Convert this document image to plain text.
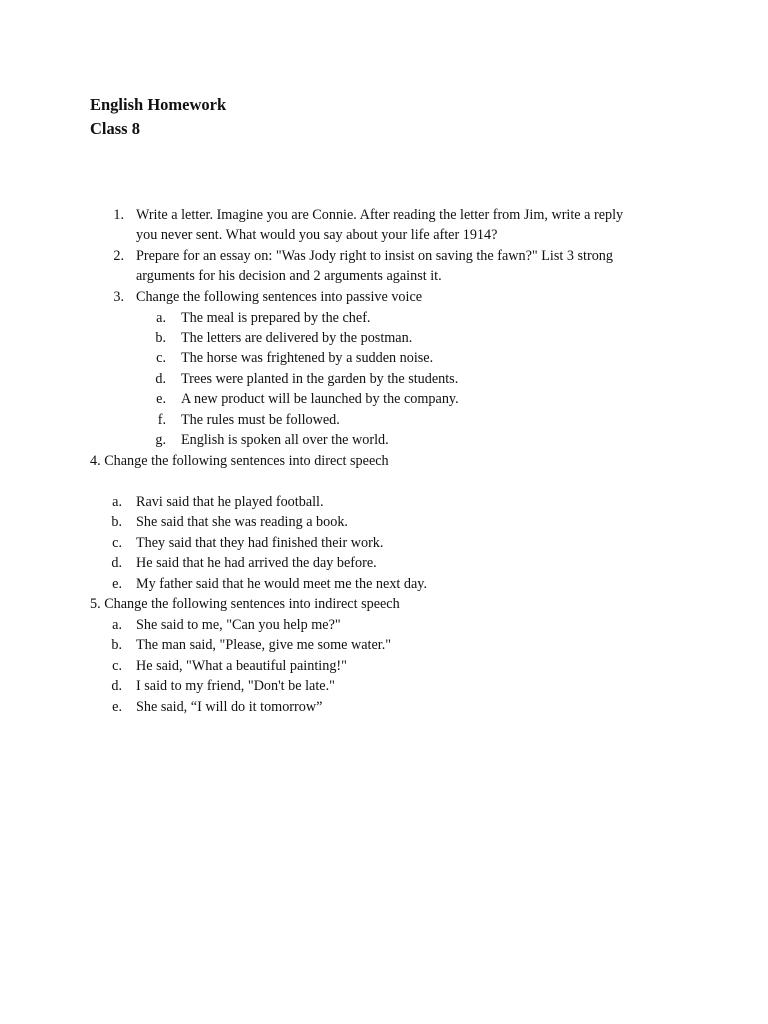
English Homework
Class 8
1. Write a letter. Imagine you are Connie. After reading the letter from Jim, write a reply
you never sent. What would you say about your life after 1914?
2. Prepare for an essay on: "Was Jody right to insist on saving the fawn?" List 3 strong
arguments for his decision and 2 arguments against it.
3. Change the following sentences into passive voice
a. The meal is prepared by the chef.
b. The letters are delivered by the postman.
c. The horse was frightened by a sudden noise.
d. Trees were planted in the garden by the students.
e. A new product will be launched by the company.
f. The rules must be followed.
g. English is spoken all over the world.
4. Change the following sentences into direct speech
a. Ravi said that he played football.
b. She said that she was reading a book.
c. They said that they had finished their work.
d. He said that he had arrived the day before.
e. My father said that he would meet me the next day.
5. Change the following sentences into indirect speech
a. She said to me, "Can you help me?"
b. The man said, "Please, give me some water."
c. He said, "What a beautiful painting!"
d. I said to my friend, "Don't be late."
e. She said, “I will do it tomorrow”
